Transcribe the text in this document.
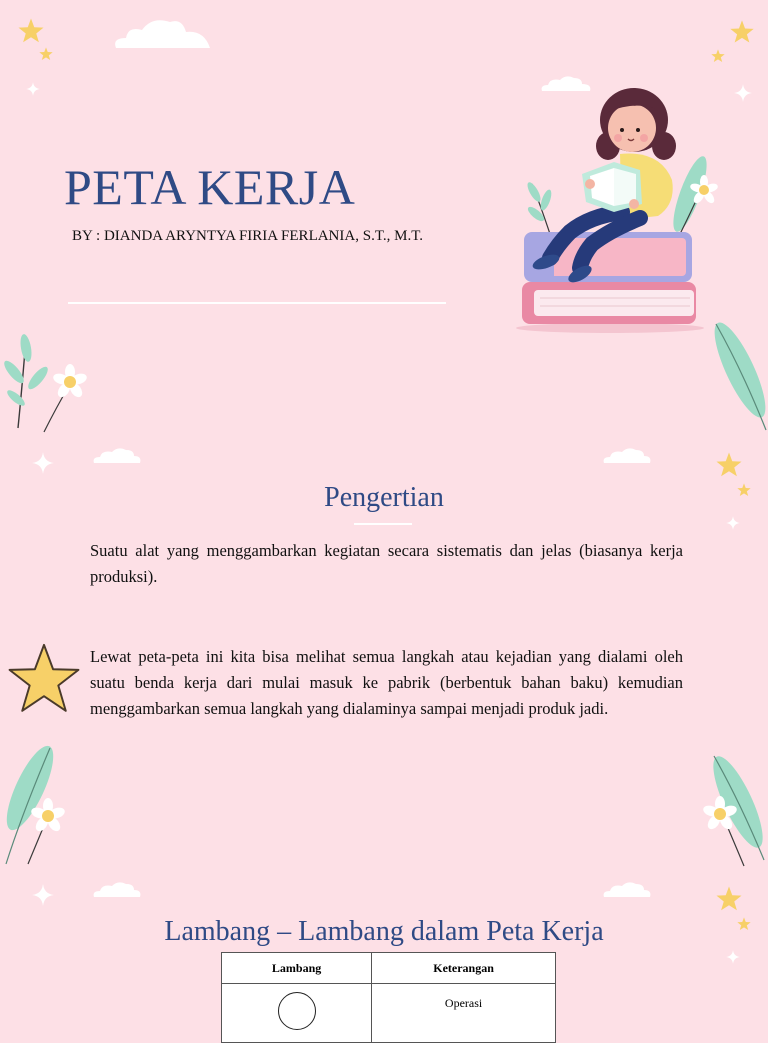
PETA KERJA
BY : DIANDA ARYNTYA FIRIA FERLANIA, S.T., M.T.
Pengertian

Suatu alat yang menggambarkan kegiatan secara sistematis dan jelas (biasanya kerja produksi).

Lewat peta-peta ini kita bisa melihat semua langkah atau kejadian yang dialami oleh suatu benda kerja dari mulai masuk ke pabrik (berbentuk bahan baku) kemudian menggambarkan semua langkah yang dialaminya sampai menjadi produk jadi.

Lambang – Lambang dalam Peta Kerja
Lambang	Keterangan
	Operasi
